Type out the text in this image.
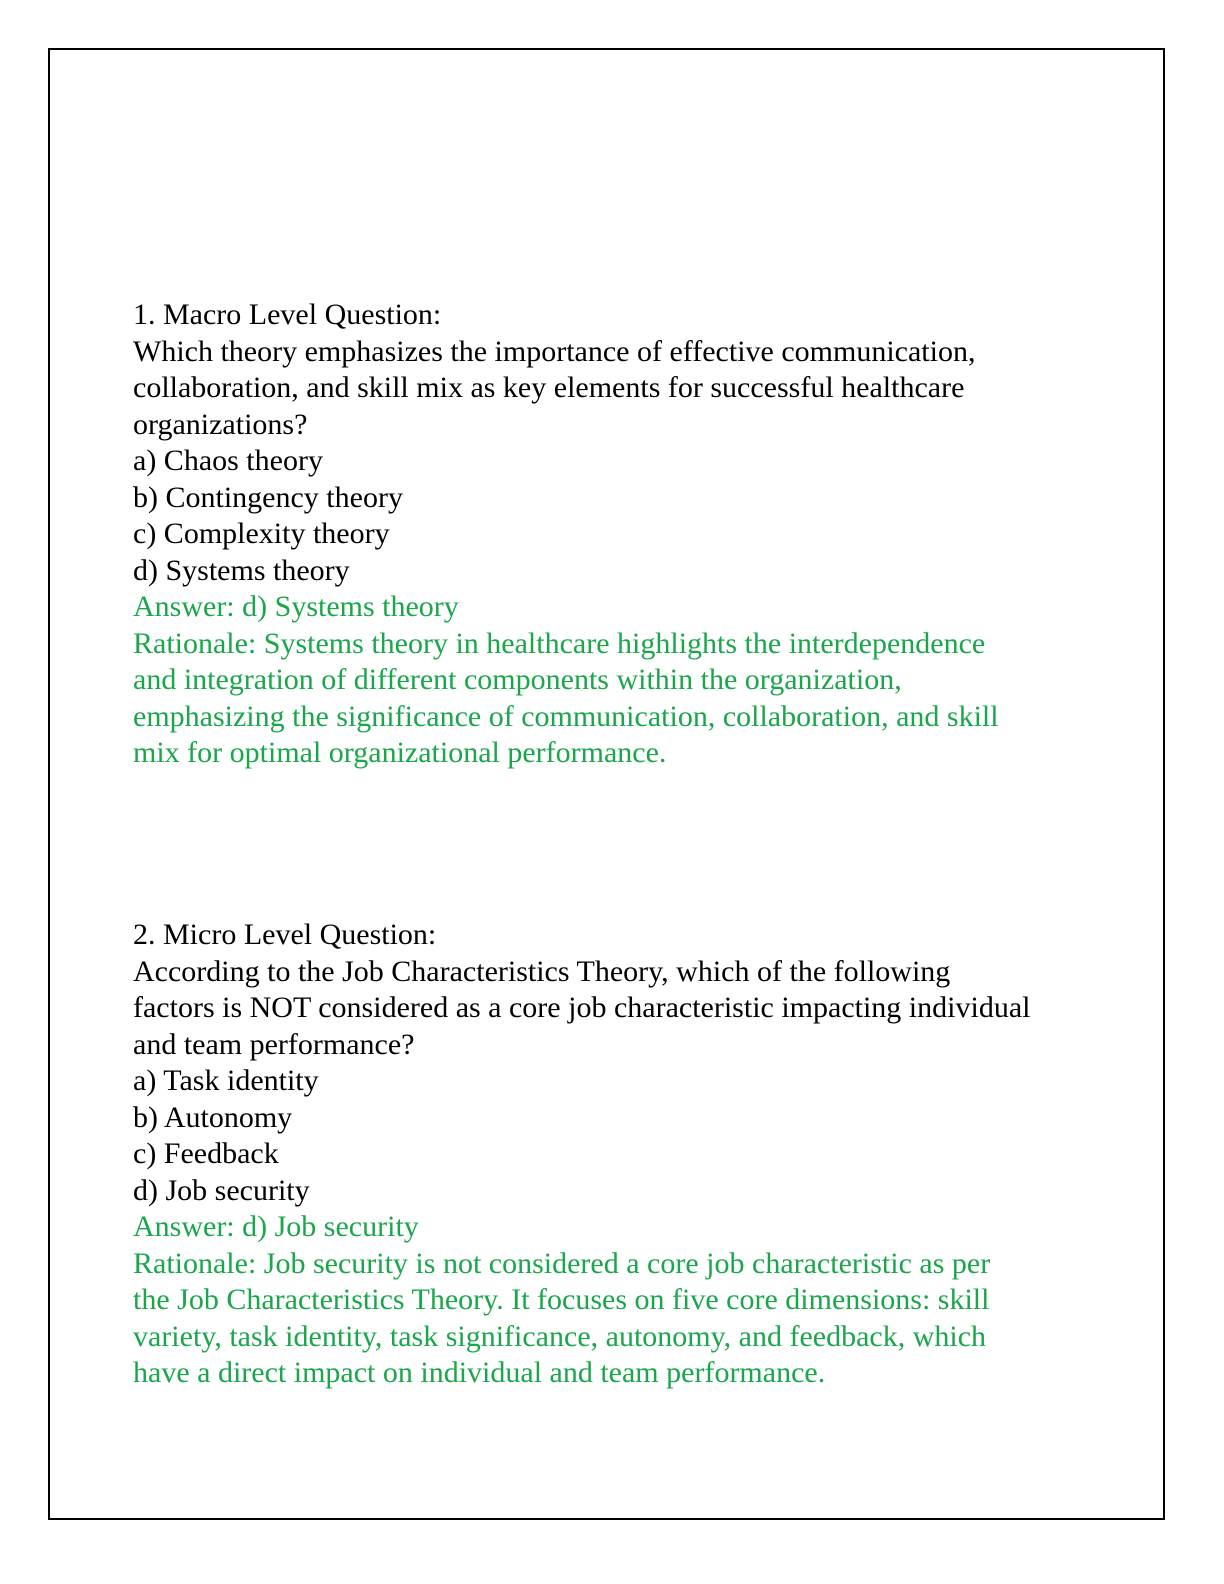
1. Macro Level Question:
Which theory emphasizes the importance of effective communication,
collaboration, and skill mix as key elements for successful healthcare
organizations?
a) Chaos theory
b) Contingency theory
c) Complexity theory
d) Systems theory
Answer: d) Systems theory
Rationale: Systems theory in healthcare highlights the interdependence
and integration of different components within the organization,
emphasizing the significance of communication, collaboration, and skill
mix for optimal organizational performance.
2. Micro Level Question:
According to the Job Characteristics Theory, which of the following
factors is NOT considered as a core job characteristic impacting individual
and team performance?
a) Task identity
b) Autonomy
c) Feedback
d) Job security
Answer: d) Job security
Rationale: Job security is not considered a core job characteristic as per
the Job Characteristics Theory. It focuses on five core dimensions: skill
variety, task identity, task significance, autonomy, and feedback, which
have a direct impact on individual and team performance.
